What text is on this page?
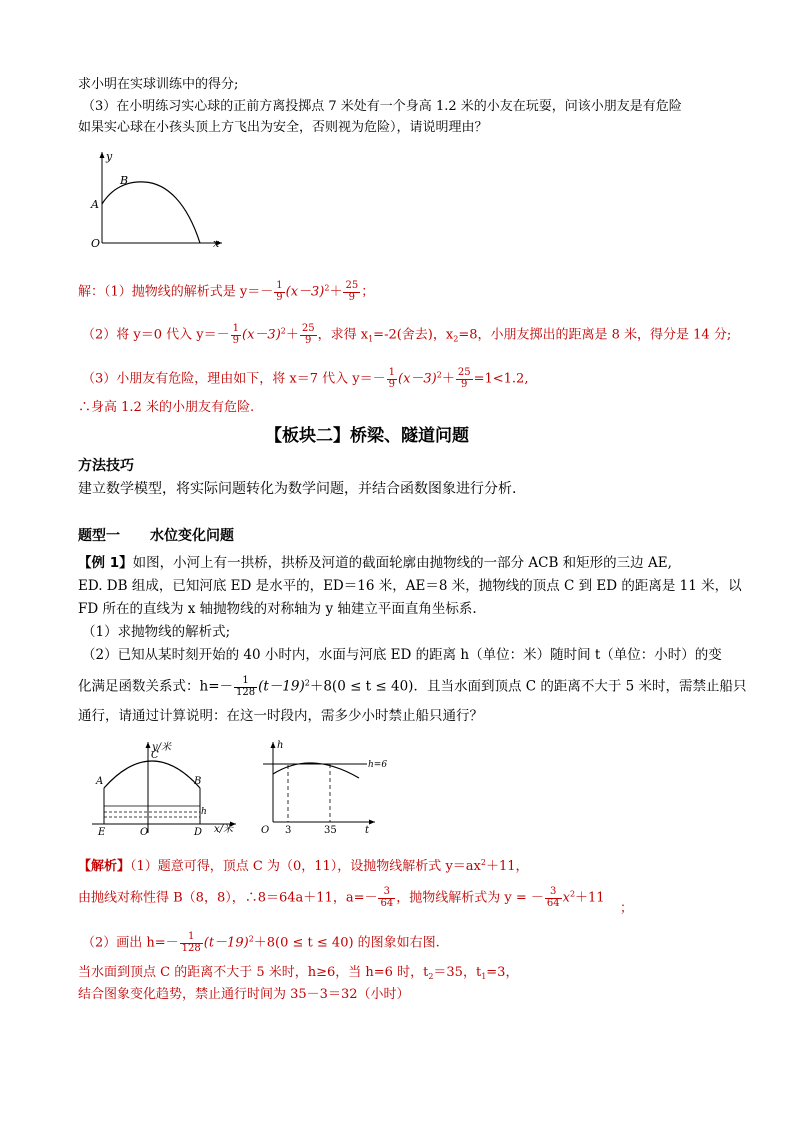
求小明在实球训练中的得分;
（3）在小明练习实心球的正前方离投掷点 7 米处有一个身高 1.2 米的小友在玩耍，问该小朋友是有危险
如果实心球在小孩头顶上方飞出为安全，否则视为危险），请说明理由？
y
x
O
A
B
解：（1）抛物线的解析式是 $y=- \frac{1}{9} (x-3)^2+ \frac{25}{9}$ ；
（2）将 y＝0 代入 $y=- \frac{1}{9} (x-3)^2+ \frac{25}{9}$ ，求得 $x_1=-2$(舍去)，$x_2=8$，小朋友掷出的距离是 8 米，得分是 14 分;
（3）小朋友有危险，理由如下，将 x＝7 代入 $y=- \frac{1}{9} (x-3)^2+ \frac{25}{9} =1<1.2$,
∴身高 1.2 米的小朋友有危险.
【板块二】桥梁、隧道问题
方法技巧
建立数学模型，将实际问题转化为数学问题，并结合函数图象进行分析.
题型一 水位变化问题
【例 1】如图，小河上有一拱桥，拱桥及河道的截面轮廓由抛物线的一部分 ACB 和矩形的三边 AE,
ED. DB 组成，已知河底 ED 是水平的，ED＝16 米，AE＝8 米，抛物线的顶点 C 到 ED 的距离是 11 米，以
FD 所在的直线为 x 轴抛物线的对称轴为 y 轴建立平面直角坐标系.
（1）求抛物线的解析式;
（2）已知从某时刻开始的 40 小时内，水面与河底 ED 的距离 h（单位：米）随时间 t（单位：小时）的变
化满足函数关系式：$h=- \frac{1}{128} (t-19)^2+8(0 \le t \le 40)$．且当水面到顶点 C 的距离不大于 5 米时，需禁止船只
通行，请通过计算说明：在这一时段内，需多少小时禁止船只通行？
y/米
x/米
A	B
C
E	O	D
h
h
h=6
O 3	35	t
【解析】（1）题意可得，顶点 C 为（0，11），设抛物线解析式 $y=ax^2+11$，
由抛线对称性得 B（8，8），∴8＝64a＋11，$a=- \frac{3}{64}$ ，抛物线解析式为 y = － $\frac{3}{64} x^2+11$
；
（2）画出 $h=- \frac{1}{128} (t-19)^2+8(0 \le t \le 40)$ 的图象如右图.
当水面到顶点 C 的距离不大于 5 米时，h≥6，当 h=6 时，$t_2=35$，$t_1=3$，
结合图象变化趋势，禁止通行时间为 35－3＝32（小时）
